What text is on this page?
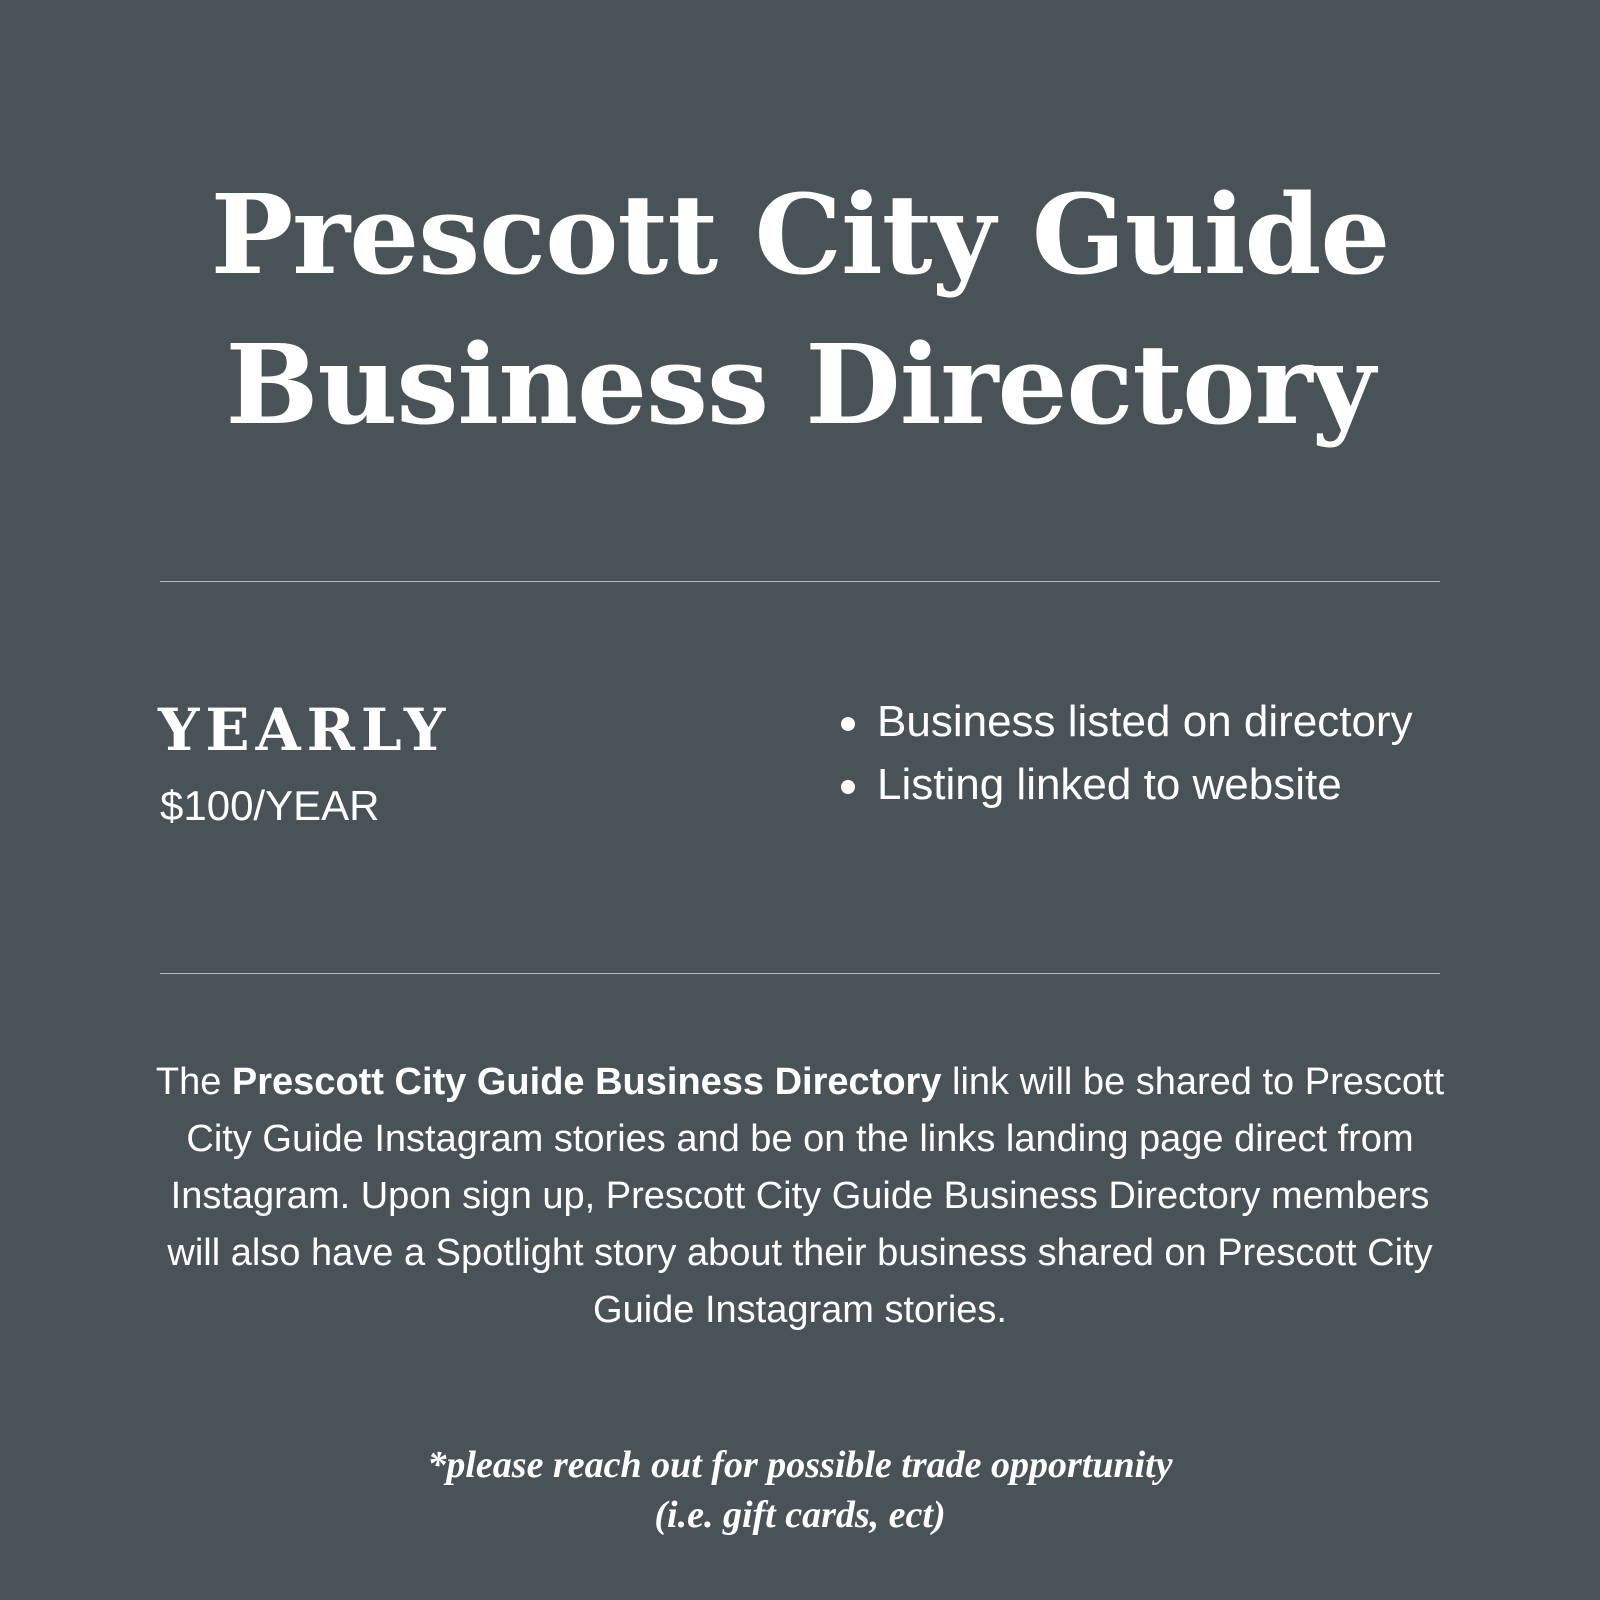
Prescott City Guide
Business Directory
YEARLY
$100/YEAR
Business listed on directory
Listing linked to website

The Prescott City Guide Business Directory link will be shared to Prescott City Guide Instagram stories and be on the links landing page direct from Instagram. Upon sign up, Prescott City Guide Business Directory members will also have a Spotlight story about their business shared on Prescott City Guide Instagram stories.

*please reach out for possible trade opportunity
(i.e. gift cards, ect)
